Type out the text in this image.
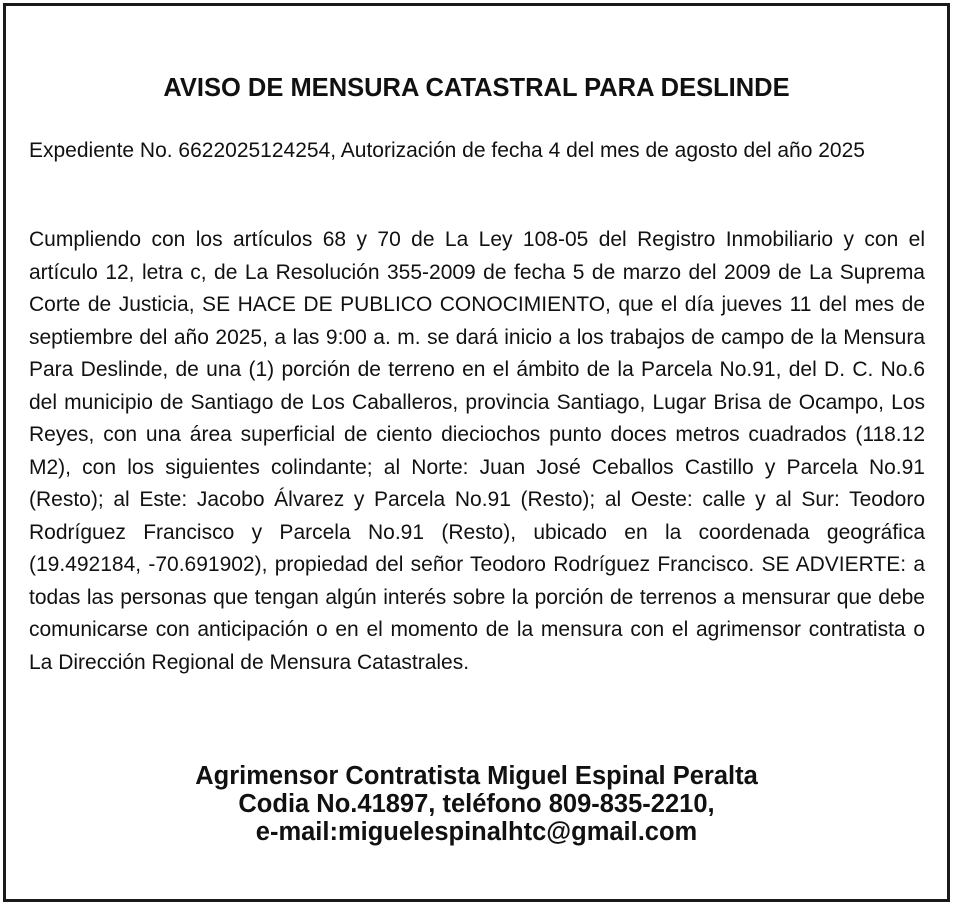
AVISO DE MENSURA CATASTRAL PARA DESLINDE
Expediente No. 6622025124254, Autorización de fecha 4 del mes de agosto del año 2025
Cumpliendo con los artículos 68 y 70 de La Ley 108-05 del Registro Inmobiliario y con el artículo 12, letra c, de La Resolución 355-2009 de fecha 5 de marzo del 2009 de La Suprema Corte de Justicia, SE HACE DE PUBLICO CONOCIMIENTO, que el día jueves 11 del mes de septiembre del año 2025, a las 9:00 a. m. se dará inicio a los trabajos de campo de la Mensura Para Deslinde, de una (1) porción de terreno en el ámbito de la Parcela No.91, del D. C. No.6 del municipio de Santiago de Los Caballeros, provincia Santiago, Lugar Brisa de Ocampo, Los Reyes, con una área superficial de ciento dieciochos punto doces metros cuadrados (118.12 M2), con los siguientes colindante; al Norte: Juan José Ceballos Castillo y Parcela No.91 (Resto); al Este: Jacobo Álvarez y Parcela No.91 (Resto); al Oeste: calle y al Sur: Teodoro Rodríguez Francisco y Parcela No.91 (Resto), ubicado en la coordenada geográfica (19.492184, -70.691902), propiedad del señor Teodoro Rodríguez Francisco. SE ADVIERTE: a todas las personas que tengan algún interés sobre la porción de terrenos a mensurar que debe comunicarse con anticipación o en el momento de la mensura con el agrimensor contratista o La Dirección Regional de Mensura Catastrales.
Agrimensor Contratista Miguel Espinal Peralta
Codia No.41897, teléfono 809-835-2210,
e-mail:miguelespinalhtc@gmail.com
